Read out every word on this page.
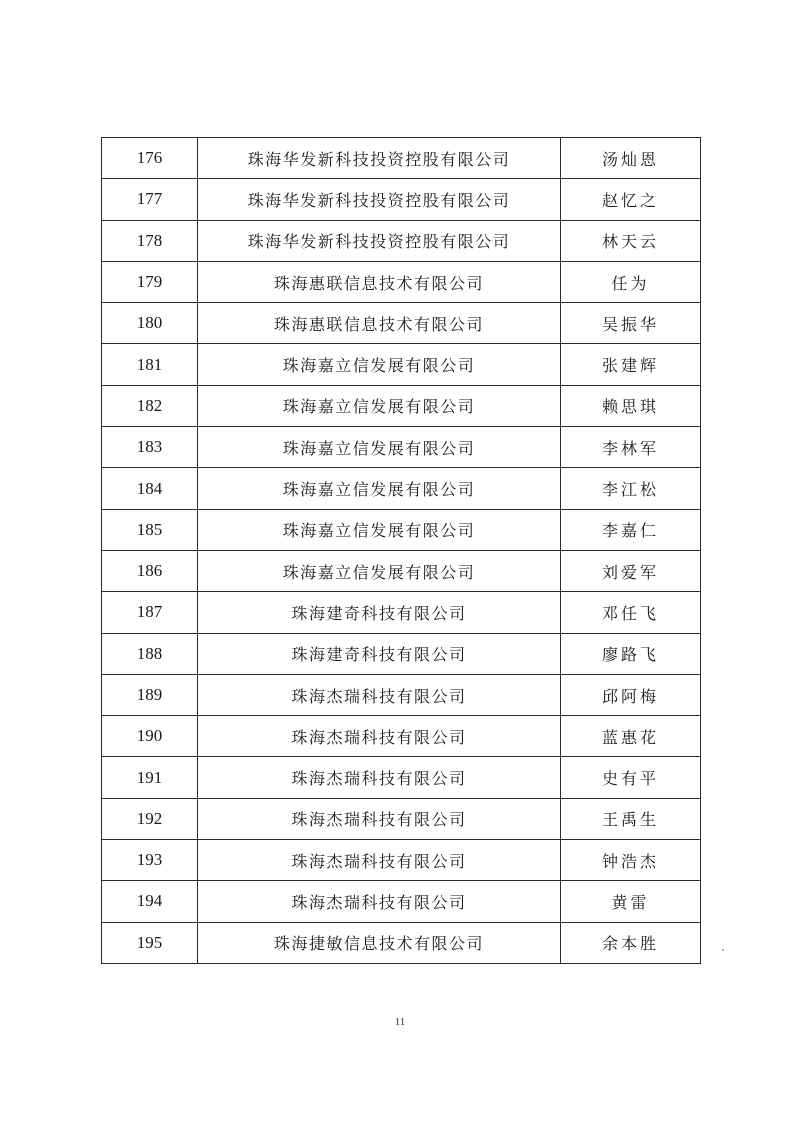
176	珠海华发新科技投资控股有限公司	汤灿恩
177	珠海华发新科技投资控股有限公司	赵忆之
178	珠海华发新科技投资控股有限公司	林天云
179	珠海惠联信息技术有限公司	任为
180	珠海惠联信息技术有限公司	吴振华
181	珠海嘉立信发展有限公司	张建辉
182	珠海嘉立信发展有限公司	赖思琪
183	珠海嘉立信发展有限公司	李林军
184	珠海嘉立信发展有限公司	李江松
185	珠海嘉立信发展有限公司	李嘉仁
186	珠海嘉立信发展有限公司	刘爱军
187	珠海建奇科技有限公司	邓任飞
188	珠海建奇科技有限公司	廖路飞
189	珠海杰瑞科技有限公司	邱阿梅
190	珠海杰瑞科技有限公司	蓝惠花
191	珠海杰瑞科技有限公司	史有平
192	珠海杰瑞科技有限公司	王禹生
193	珠海杰瑞科技有限公司	钟浩杰
194	珠海杰瑞科技有限公司	黄雷
195	珠海捷敏信息技术有限公司	余本胜
11
